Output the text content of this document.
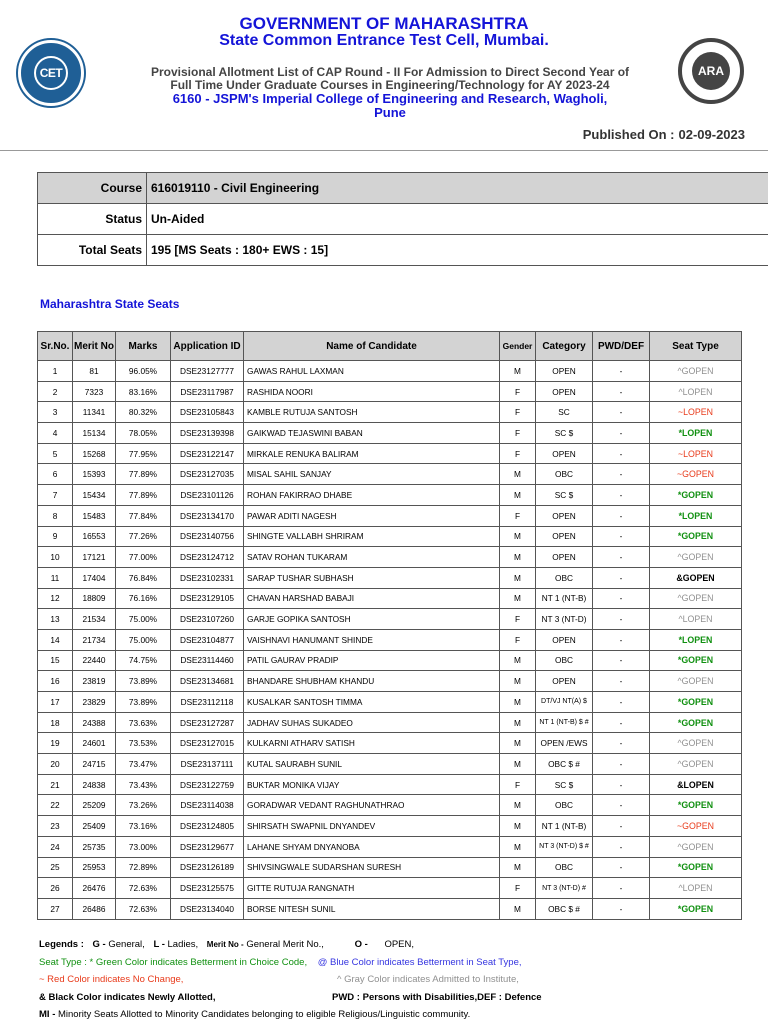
CET
GOVERNMENT OF MAHARASHTRA
State Common Entrance Test Cell, Mumbai.
Provisional Allotment List of CAP Round - II For Admission to Direct Second Year of
Full Time Under Graduate Courses in Engineering/Technology for AY 2023-24
6160 - JSPM's Imperial College of Engineering and Research, Wagholi,
Pune
ARA
Published On : 02-09-2023
Course	616019110 - Civil Engineering
Status	Un-Aided
Total Seats	195 [MS Seats : 180+ EWS : 15]
Maharashtra State Seats
Sr.No.	Merit No	Marks	Application ID	Name of Candidate	Gender	Category	PWD/DEF	Seat Type
1	81	96.05%	DSE23127777	GAWAS RAHUL LAXMAN	M	OPEN	-	^GOPEN
2	7323	83.16%	DSE23117987	RASHIDA NOORI	F	OPEN	-	^LOPEN
3	11341	80.32%	DSE23105843	KAMBLE RUTUJA SANTOSH	F	SC	-	~LOPEN
4	15134	78.05%	DSE23139398	GAIKWAD TEJASWINI BABAN	F	SC $	-	*LOPEN
5	15268	77.95%	DSE23122147	MIRKALE RENUKA BALIRAM	F	OPEN	-	~LOPEN
6	15393	77.89%	DSE23127035	MISAL SAHIL SANJAY	M	OBC	-	~GOPEN
7	15434	77.89%	DSE23101126	ROHAN FAKIRRAO DHABE	M	SC $	-	*GOPEN
8	15483	77.84%	DSE23134170	PAWAR ADITI NAGESH	F	OPEN	-	*LOPEN
9	16553	77.26%	DSE23140756	SHINGTE VALLABH SHRIRAM	M	OPEN	-	*GOPEN
10	17121	77.00%	DSE23124712	SATAV ROHAN TUKARAM	M	OPEN	-	^GOPEN
11	17404	76.84%	DSE23102331	SARAP TUSHAR SUBHASH	M	OBC	-	&GOPEN
12	18809	76.16%	DSE23129105	CHAVAN HARSHAD BABAJI	M	NT 1 (NT-B)	-	^GOPEN
13	21534	75.00%	DSE23107260	GARJE GOPIKA SANTOSH	F	NT 3 (NT-D)	-	^LOPEN
14	21734	75.00%	DSE23104877	VAISHNAVI HANUMANT SHINDE	F	OPEN	-	*LOPEN
15	22440	74.75%	DSE23114460	PATIL GAURAV PRADIP	M	OBC	-	*GOPEN
16	23819	73.89%	DSE23134681	BHANDARE SHUBHAM KHANDU	M	OPEN	-	^GOPEN
17	23829	73.89%	DSE23112118	KUSALKAR SANTOSH TIMMA	M	DT/VJ NT(A) $	-	*GOPEN
18	24388	73.63%	DSE23127287	JADHAV SUHAS SUKADEO	M	NT 1 (NT-B) $ #	-	*GOPEN
19	24601	73.53%	DSE23127015	KULKARNI ATHARV SATISH	M	OPEN /EWS	-	^GOPEN
20	24715	73.47%	DSE23137111	KUTAL SAURABH SUNIL	M	OBC $ #	-	^GOPEN
21	24838	73.43%	DSE23122759	BUKTAR MONIKA VIJAY	F	SC $	-	&LOPEN
22	25209	73.26%	DSE23114038	GORADWAR VEDANT RAGHUNATHRAO	M	OBC	-	*GOPEN
23	25409	73.16%	DSE23124805	SHIRSATH SWAPNIL DNYANDEV	M	NT 1 (NT-B)	-	~GOPEN
24	25735	73.00%	DSE23129677	LAHANE SHYAM DNYANOBA	M	NT 3 (NT-D) $ #	-	^GOPEN
25	25953	72.89%	DSE23126189	SHIVSINGWALE SUDARSHAN SURESH	M	OBC	-	*GOPEN
26	26476	72.63%	DSE23125575	GITTE RUTUJA RANGNATH	F	NT 3 (NT-D) #	-	^LOPEN
27	26486	72.63%	DSE23134040	BORSE NITESH SUNIL	M	OBC $ #	-	*GOPEN
Legends : G - General, L - Ladies, Merit No - General Merit No.,	O - OPEN,
Seat Type : * Green Color indicates Betterment in Choice Code, @ Blue Color indicates Betterment in Seat Type,
~ Red Color indicates No Change,	^ Gray Color indicates Admitted to Institute,
& Black Color indicates Newly Allotted,	PWD : Persons with Disabilities,DEF : Defence
MI - Minority Seats Allotted to Minority Candidates belonging to eligible Religious/Linguistic community.
